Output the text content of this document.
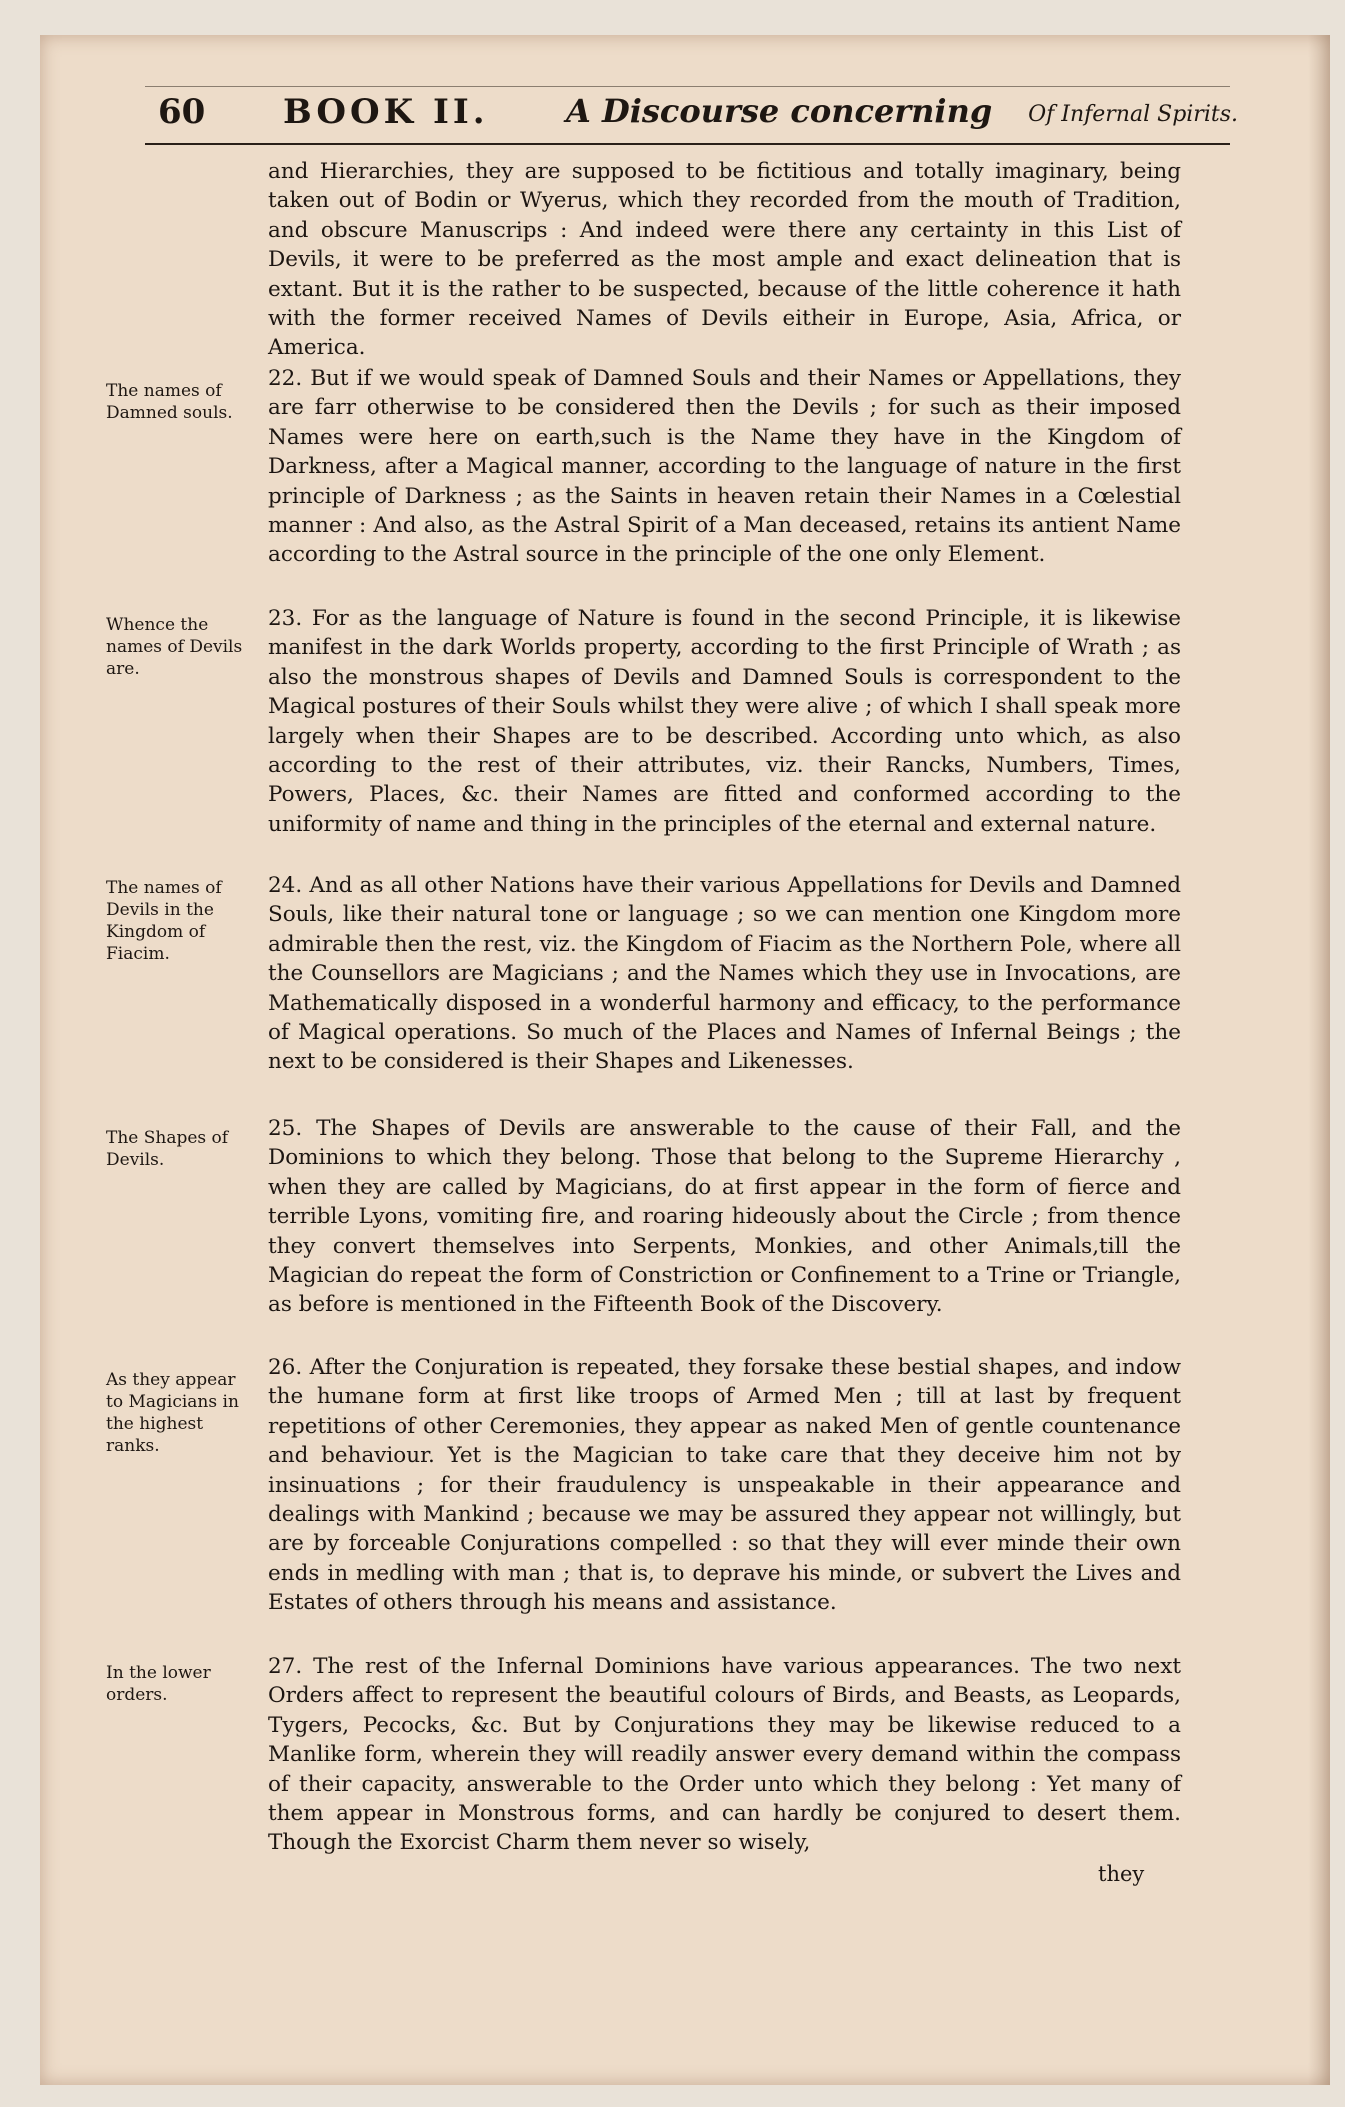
60 BOOK II. A Discourse concerning Of Infernal Spirits.
The names of Damned souls.
Whence the names of Devils are.
The names of Devils in the Kingdom of Fiacim.
The Shapes of Devils.
As they appear to Magicians in the highest ranks.
In the lower orders.

and Hierarchies, they are supposed to be fictitious and totally imaginary, being taken out of Bodin or Wyerus, which they recorded from the mouth of Tradition, and obscure Manuscrips : And indeed were there any certainty in this List of Devils, it were to be preferred as the most ample and exact delineation that is extant. But it is the rather to be suspected, because of the little coherence it hath with the former received Names of Devils eitheir in Europe, Asia, Africa, or America.

22. But if we would speak of Damned Souls and their Names or Appellations, they are farr otherwise to be considered then the Devils ; for such as their imposed Names were here on earth,such is the Name they have in the Kingdom of Darkness, after a Magical manner, according to the language of nature in the first principle of Darkness ; as the Saints in heaven retain their Names in a Cœlestial manner : And also, as the Astral Spirit of a Man deceased, retains its antient Name according to the Astral source in the principle of the one only Element.

23. For as the language of Nature is found in the second Principle, it is likewise manifest in the dark Worlds property, according to the first Principle of Wrath ; as also the monstrous shapes of Devils and Damned Souls is correspondent to the Magical postures of their Souls whilst they were alive ; of which I shall speak more largely when their Shapes are to be described. According unto which, as also according to the rest of their attributes, viz. their Rancks, Numbers, Times, Powers, Places, &c. their Names are fitted and conformed according to the uniformity of name and thing in the principles of the eternal and external nature.

24. And as all other Nations have their various Appellations for Devils and Damned Souls, like their natural tone or language ; so we can mention one Kingdom more admirable then the rest, viz. the Kingdom of Fiacim as the Northern Pole, where all the Counsellors are Magicians ; and the Names which they use in Invocations, are Mathematically disposed in a wonderful harmony and efficacy, to the performance of Magical operations. So much of the Places and Names of Infernal Beings ; the next to be considered is their Shapes and Likenesses.

25. The Shapes of Devils are answerable to the cause of their Fall, and the Dominions to which they belong. Those that belong to the Supreme Hierarchy , when they are called by Magicians, do at first appear in the form of fierce and terrible Lyons, vomiting fire, and roaring hideously about the Circle ; from thence they convert themselves into Serpents, Monkies, and other Animals,till the Magician do repeat the form of Constriction or Confinement to a Trine or Triangle, as before is mentioned in the Fifteenth Book of the Discovery.

26. After the Conjuration is repeated, they forsake these bestial shapes, and indow the humane form at first like troops of Armed Men ; till at last by frequent repetitions of other Ceremonies, they appear as naked Men of gentle countenance and behaviour. Yet is the Magician to take care that they deceive him not by insinuations ; for their fraudulency is unspeakable in their appearance and dealings with Mankind ; because we may be assured they appear not willingly, but are by forceable Conjurations compelled : so that they will ever minde their own ends in medling with man ; that is, to deprave his minde, or subvert the Lives and Estates of others through his means and assistance.

27. The rest of the Infernal Dominions have various appearances. The two next Orders affect to represent the beautiful colours of Birds, and Beasts, as Leopards, Tygers, Pecocks, &c. But by Conjurations they may be likewise reduced to a Manlike form, wherein they will readily answer every demand within the compass of their capacity, answerable to the Order unto which they belong : Yet many of them appear in Monstrous forms, and can hardly be conjured to desert them. Though the Exorcist Charm them never so wisely,

they
